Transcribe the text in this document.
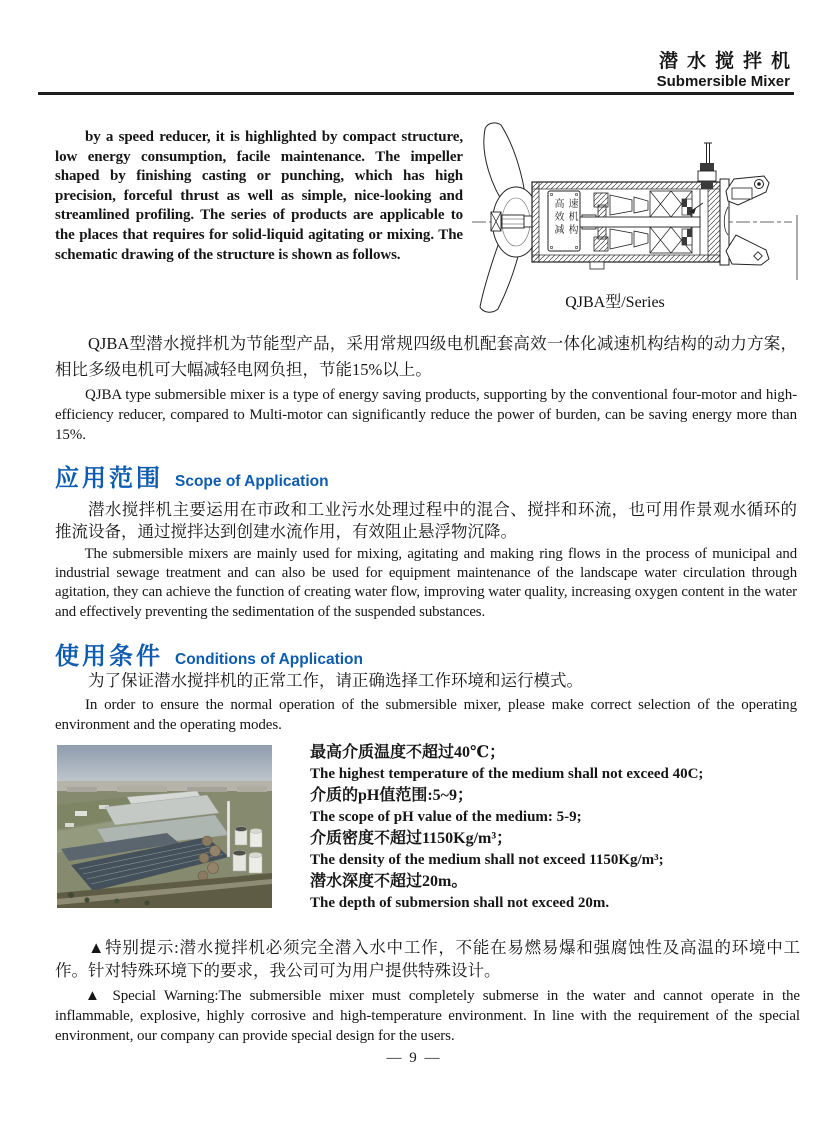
潜水搅拌机
Submersible Mixer
by a speed reducer, it is highlighted by compact structure, low energy consumption, facile maintenance. The impeller shaped by finishing casting or punching, which has high precision, forceful thrust as well as simple, nice-looking and streamlined profiling. The series of products are applicable to the places that requires for solid-liquid agitating or mixing. The schematic drawing of the structure is shown as follows.
高效减速机构
QJBA型/Series
QJBA型潜水搅拌机为节能型产品，采用常规四级电机配套高效一体化减速机构结构的动力方案，相比多级电机可大幅减轻电网负担，节能15%以上。
QJBA type submersible mixer is a type of energy saving products, supporting by the conventional four-motor and high-efficiency reducer, compared to Multi-motor can significantly reduce the power of burden, can be saving energy more than 15%.
应用范围 Scope of Application
潜水搅拌机主要运用在市政和工业污水处理过程中的混合、搅拌和环流，也可用作景观水循环的推流设备，通过搅拌达到创建水流作用，有效阻止悬浮物沉降。
The submersible mixers are mainly used for mixing, agitating and making ring flows in the process of municipal and industrial sewage treatment and can also be used for equipment maintenance of the landscape water circulation through agitation, they can achieve the function of creating water flow, improving water quality, increasing oxygen content in the water and effectively preventing the sedimentation of the suspended substances.
使用条件 Conditions of Application
为了保证潜水搅拌机的正常工作，请正确选择工作环境和运行模式。
In order to ensure the normal operation of the submersible mixer, please make correct selection of the operating environment and the operating modes.
最高介质温度不超过40℃；
The highest temperature of the medium shall not exceed 40C;
介质的pH值范围:5~9；
The scope of pH value of the medium: 5-9;
介质密度不超过1150Kg/m³；
The density of the medium shall not exceed 1150Kg/m³;
潜水深度不超过20m。
The depth of submersion shall not exceed 20m.
▲特别提示:潜水搅拌机必须完全潜入水中工作，不能在易燃易爆和强腐蚀性及高温的环境中工作。针对特殊环境下的要求，我公司可为用户提供特殊设计。
▲ Special Warning:The submersible mixer must completely submerse in the water and cannot operate in the inflammable, explosive, highly corrosive and high-temperature environment. In line with the requirement of the special environment, our company can provide special design for the users.
— 9 —
